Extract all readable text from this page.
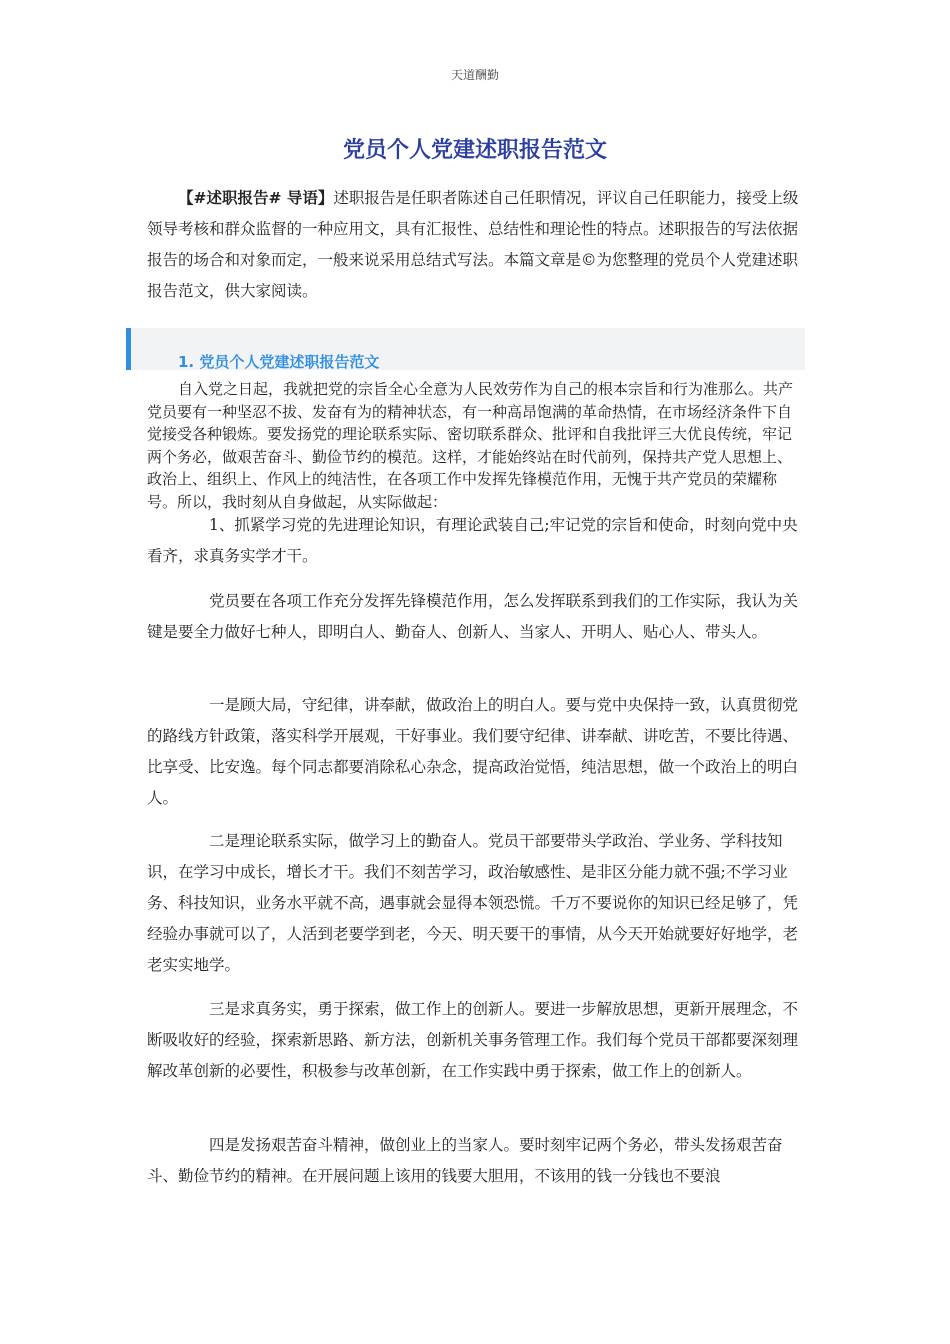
天道酬勤
党员个人党建述职报告范文

【#述职报告# 导语】述职报告是任职者陈述自己任职情况，评议自己任职能力，接受上级领导考核和群众监督的一种应用文，具有汇报性、总结性和理论性的特点。述职报告的写法依据报告的场合和对象而定，一般来说采用总结式写法。本篇文章是©为您整理的党员个人党建述职报告范文，供大家阅读。

1. 党员个人党建述职报告范文

自入党之日起，我就把党的宗旨全心全意为人民效劳作为自己的根本宗旨和行为准那么。共产党员要有一种坚忍不拔、发奋有为的精神状态，有一种高昂饱满的革命热情，在市场经济条件下自觉接受各种锻炼。要发扬党的理论联系实际、密切联系群众、批评和自我批评三大优良传统，牢记两个务必，做艰苦奋斗、勤俭节约的模范。这样，才能始终站在时代前列，保持共产党人思想上、政治上、组织上、作风上的纯洁性，在各项工作中发挥先锋模范作用，无愧于共产党员的荣耀称号。所以，我时刻从自身做起，从实际做起：

1、抓紧学习党的先进理论知识，有理论武装自己;牢记党的宗旨和使命，时刻向党中央看齐，求真务实学才干。

党员要在各项工作充分发挥先锋模范作用，怎么发挥联系到我们的工作实际，我认为关键是要全力做好七种人，即明白人、勤奋人、创新人、当家人、开明人、贴心人、带头人。

一是顾大局，守纪律，讲奉献，做政治上的明白人。要与党中央保持一致，认真贯彻党的路线方针政策，落实科学开展观，干好事业。我们要守纪律、讲奉献、讲吃苦，不要比待遇、比享受、比安逸。每个同志都要消除私心杂念，提高政治觉悟，纯洁思想，做一个政治上的明白人。

二是理论联系实际，做学习上的勤奋人。党员干部要带头学政治、学业务、学科技知识，在学习中成长，增长才干。我们不刻苦学习，政治敏感性、是非区分能力就不强;不学习业务、科技知识，业务水平就不高，遇事就会显得本领恐慌。千万不要说你的知识已经足够了，凭经验办事就可以了，人活到老要学到老，今天、明天要干的事情，从今天开始就要好好地学，老老实实地学。

三是求真务实，勇于探索，做工作上的创新人。要进一步解放思想，更新开展理念，不断吸收好的经验，探索新思路、新方法，创新机关事务管理工作。我们每个党员干部都要深刻理解改革创新的必要性，积极参与改革创新，在工作实践中勇于探索，做工作上的创新人。

四是发扬艰苦奋斗精神，做创业上的当家人。要时刻牢记两个务必，带头发扬艰苦奋斗、勤俭节约的精神。在开展问题上该用的钱要大胆用，不该用的钱一分钱也不要浪
